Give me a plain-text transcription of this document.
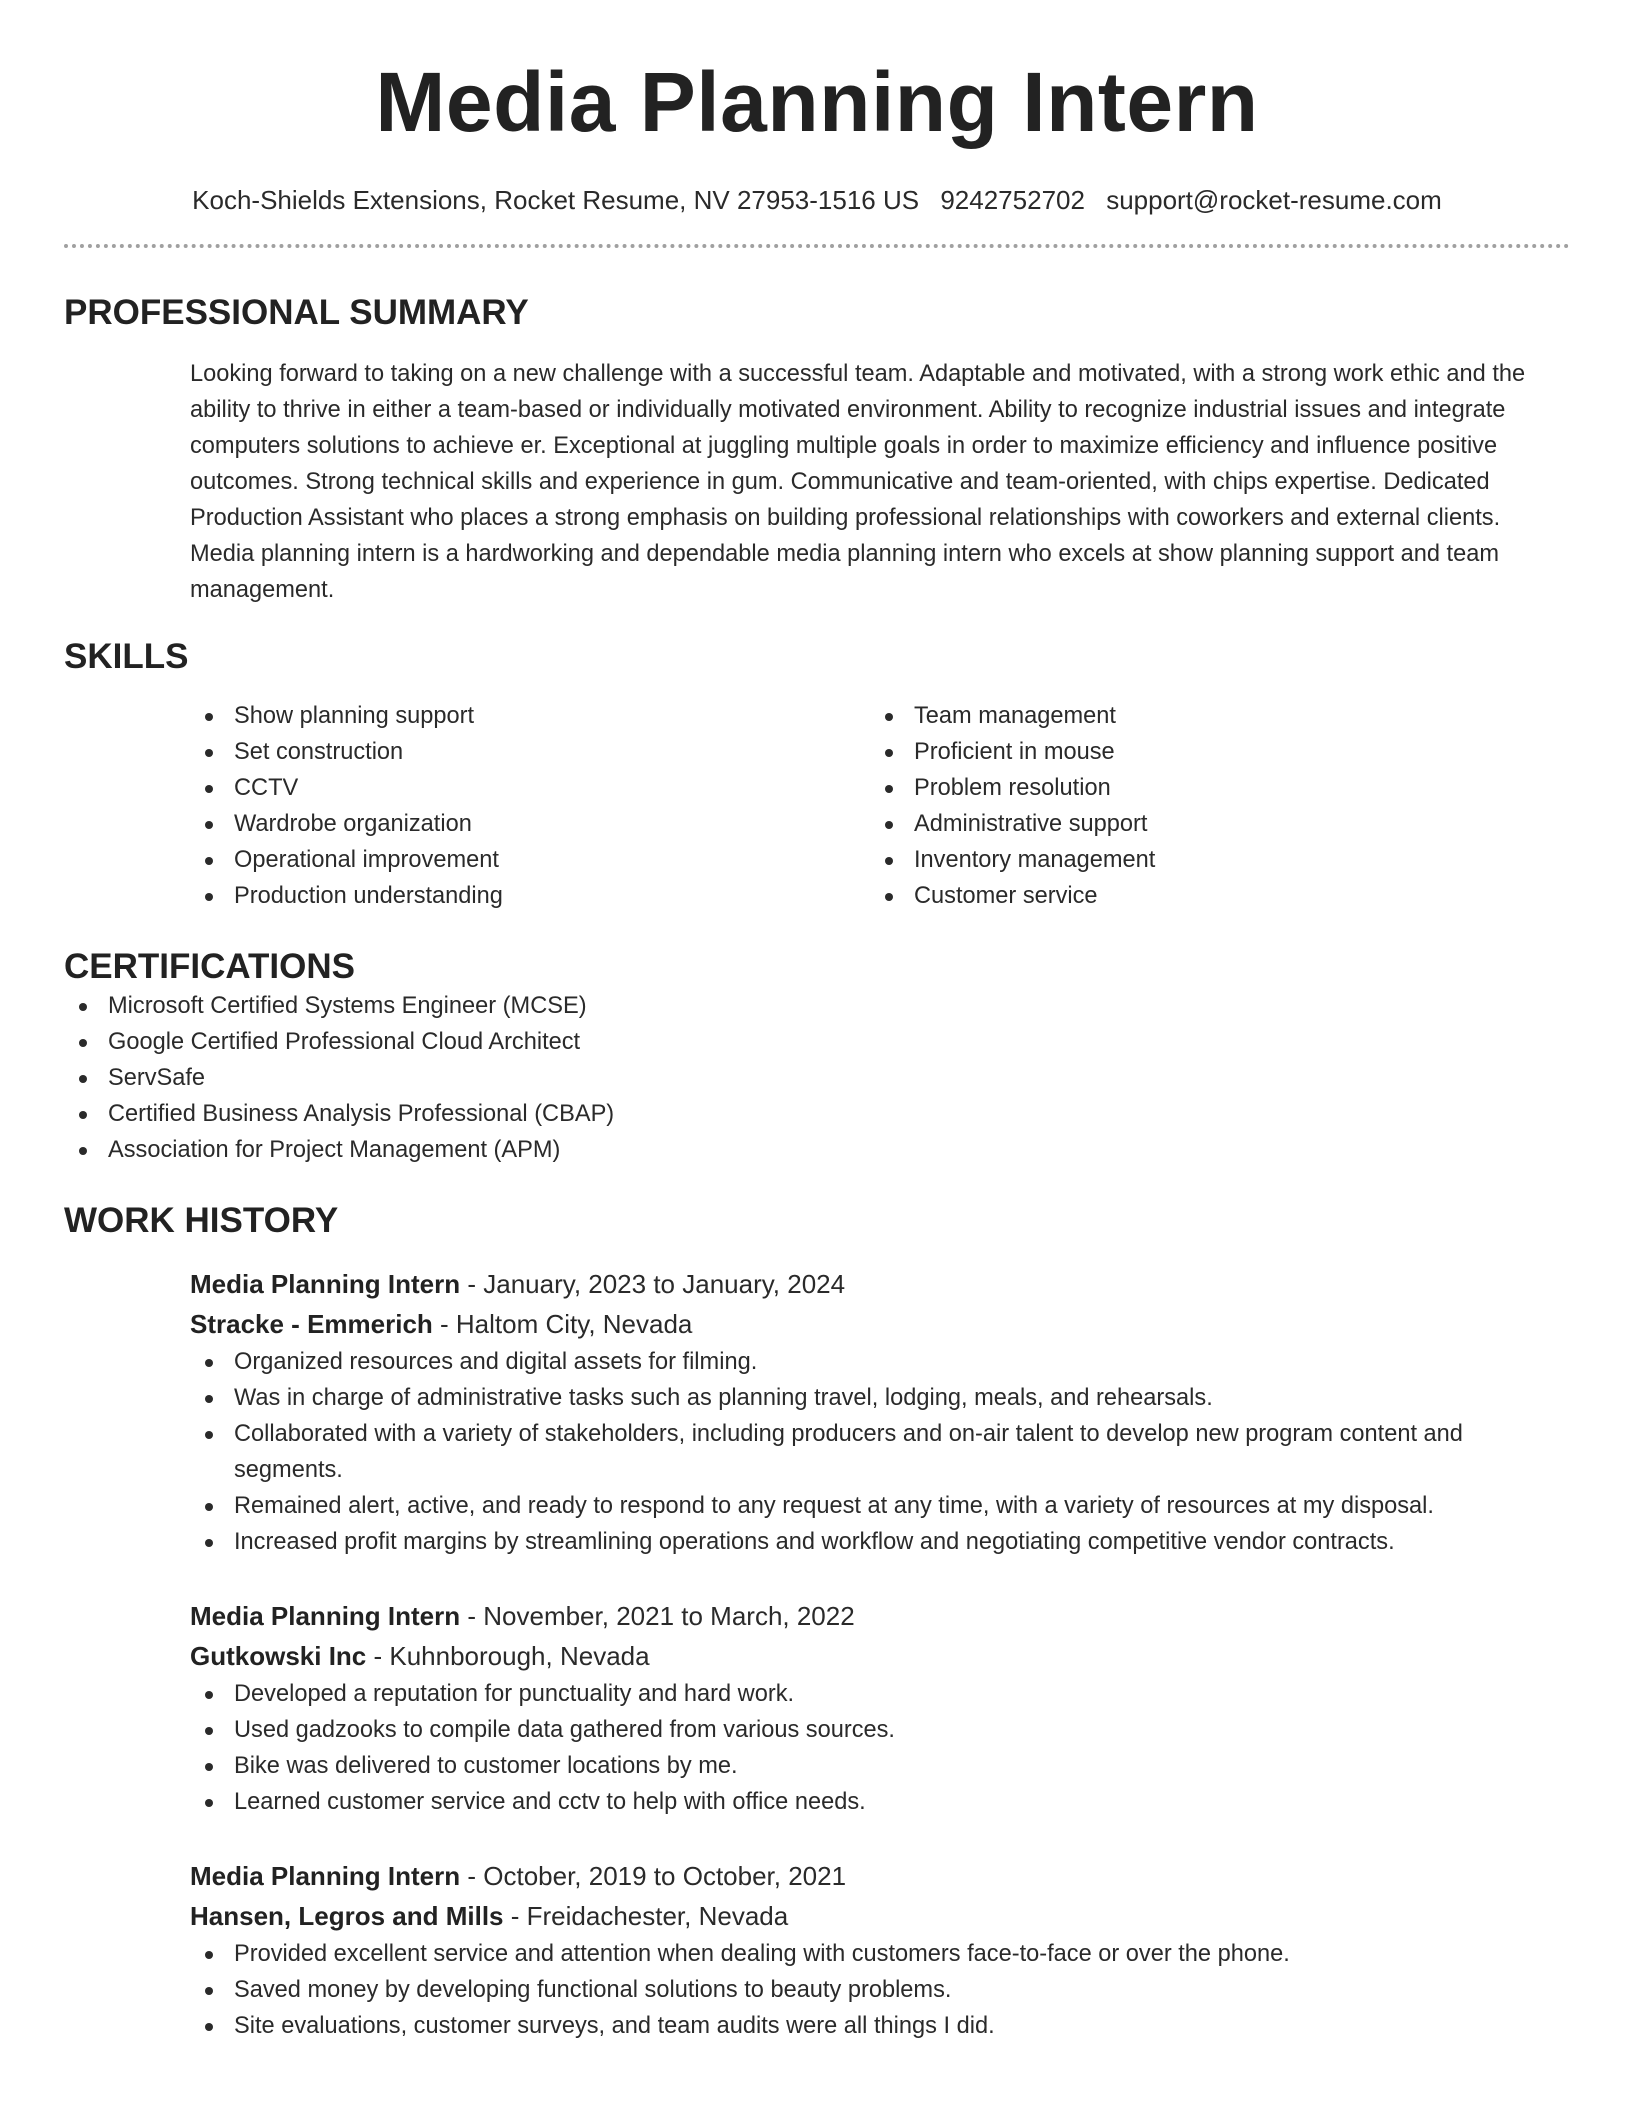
Media Planning Intern
Koch-Shields Extensions, Rocket Resume, NV 27953-1516 US 9242752702 support@rocket-resume.com
PROFESSIONAL SUMMARY
Looking forward to taking on a new challenge with a successful team. Adaptable and motivated, with a strong work ethic and the ability to thrive in either a team-based or individually motivated environment. Ability to recognize industrial issues and integrate computers solutions to achieve er. Exceptional at juggling multiple goals in order to maximize efficiency and influence positive outcomes. Strong technical skills and experience in gum. Communicative and team-oriented, with chips expertise. Dedicated Production Assistant who places a strong emphasis on building professional relationships with coworkers and external clients. Media planning intern is a hardworking and dependable media planning intern who excels at show planning support and team management.
SKILLS
Show planning support
Set construction
CCTV
Wardrobe organization
Operational improvement
Production understanding
Team management
Proficient in mouse
Problem resolution
Administrative support
Inventory management
Customer service
CERTIFICATIONS
Microsoft Certified Systems Engineer (MCSE)
Google Certified Professional Cloud Architect
ServSafe
Certified Business Analysis Professional (CBAP)
Association for Project Management (APM)
WORK HISTORY
Media Planning Intern - January, 2023 to January, 2024
Stracke - Emmerich - Haltom City, Nevada
Organized resources and digital assets for filming.
Was in charge of administrative tasks such as planning travel, lodging, meals, and rehearsals.
Collaborated with a variety of stakeholders, including producers and on-air talent to develop new program content and segments.
Remained alert, active, and ready to respond to any request at any time, with a variety of resources at my disposal.
Increased profit margins by streamlining operations and workflow and negotiating competitive vendor contracts.
Media Planning Intern - November, 2021 to March, 2022
Gutkowski Inc - Kuhnborough, Nevada
Developed a reputation for punctuality and hard work.
Used gadzooks to compile data gathered from various sources.
Bike was delivered to customer locations by me.
Learned customer service and cctv to help with office needs.
Media Planning Intern - October, 2019 to October, 2021
Hansen, Legros and Mills - Freidachester, Nevada
Provided excellent service and attention when dealing with customers face-to-face or over the phone.
Saved money by developing functional solutions to beauty problems.
Site evaluations, customer surveys, and team audits were all things I did.
